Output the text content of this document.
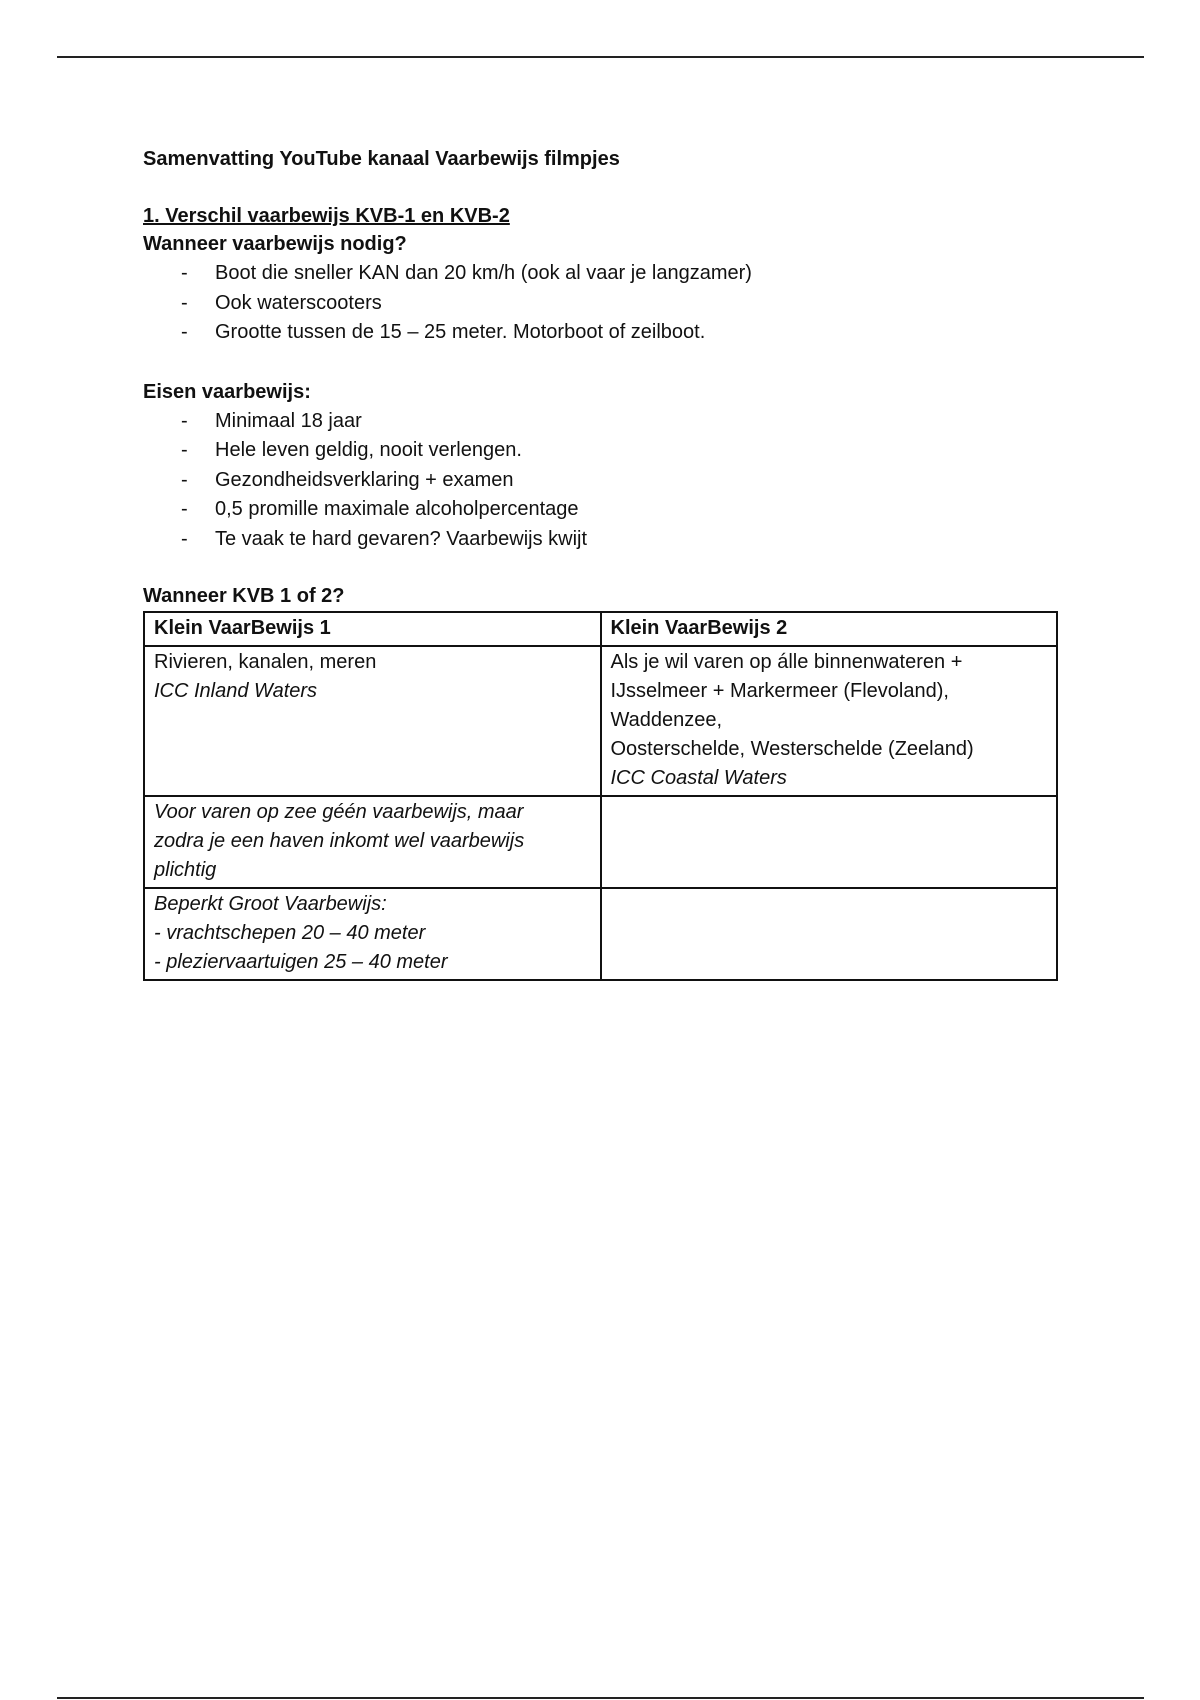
Samenvatting YouTube kanaal Vaarbewijs filmpjes
1. Verschil vaarbewijs KVB-1 en KVB-2
Wanneer vaarbewijs nodig?
- Boot die sneller KAN dan 20 km/h (ook al vaar je langzamer)
- Ook waterscooters
- Grootte tussen de 15 – 25 meter. Motorboot of zeilboot.
Eisen vaarbewijs:
- Minimaal 18 jaar
- Hele leven geldig, nooit verlengen.
- Gezondheidsverklaring + examen
- 0,5 promille maximale alcoholpercentage
- Te vaak te hard gevaren? Vaarbewijs kwijt
Wanneer KVB 1 of 2?
Klein VaarBewijs 1	Klein VaarBewijs 2

Rivieren, kanalen, meren
ICC Inland Waters	Als je wil varen op álle binnenwateren +
IJsselmeer + Markermeer (Flevoland),
Waddenzee,
Oosterschelde, Westerschelde (Zeeland)
ICC Coastal Waters

Voor varen op zee géén vaarbewijs, maar
zodra je een haven inkomt wel vaarbewijs
plichtig	

Beperkt Groot Vaarbewijs:
- vrachtschepen 20 – 40 meter
- pleziervaartuigen 25 – 40 meter	
